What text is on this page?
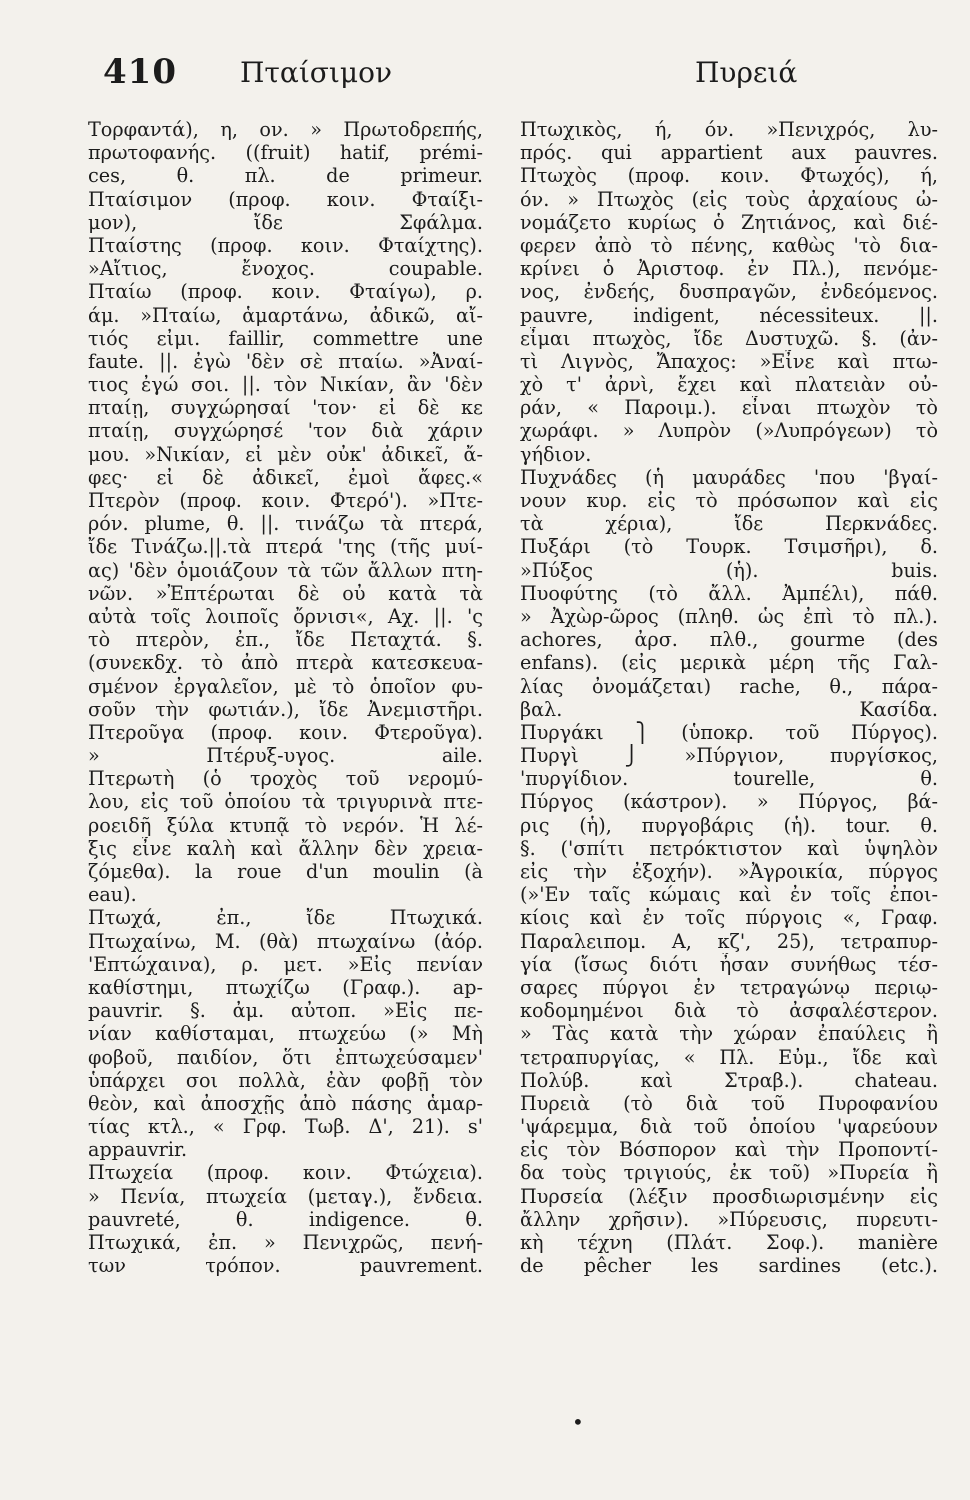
410 Πταίσιμον	Πυρειά
Τορφαντά), η, ον. » Πρωτοδρεπής,
πρωτοφανής. ((fruit) hatif, prémi-
ces, θ. πλ. de primeur.
Πταίσιμον (προφ. κοιν. Φταίξι-
μον), ἴδε Σφάλμα.
Πταίστης (προφ. κοιν. Φταίχτης).
»Αἴτιος, ἔνοχος. coupable.
Πταίω (προφ. κοιν. Φταίγω), ρ.
άμ. »Πταίω, ἁμαρτάνω, ἀδικῶ, αἴ-
τιός εἰμι. faillir, commettre une
faute. ||. ἐγὼ 'δὲν σὲ πταίω. »Ἀναί-
τιος ἐγώ σοι. ||. τὸν Νικίαν, ἂν 'δὲν
πταίῃ, συγχώρησαί 'τον· εἰ δὲ κε
πταίῃ, συγχώρησέ 'τον διὰ χάριν
μου. »Νικίαν, εἰ μὲν οὐκ' ἀδικεῖ, ἄ-
φες· εἰ δὲ ἀδικεῖ, ἐμοὶ ἄφες.«
Πτερὸν (προφ. κοιν. Φτερό'). »Πτε-
ρόν. plume, θ. ||. τινάζω τὰ πτερά,
ἴδε Τινάζω.||.τὰ πτερά 'της (τῆς μυί-
ας) 'δὲν ὁμοιάζουν τὰ τῶν ἄλλων πτη-
νῶν. »Ἐπτέρωται δὲ οὐ κατὰ τὰ
αὐτὰ τοῖς λοιποῖς ὄρνισι«, Αχ. ||. 'ς
τὸ πτερὸν, ἐπ., ἴδε Πεταχτά. §.
(συνεκδχ. τὸ ἀπὸ πτερὰ κατεσκευα-
σμένον ἐργαλεῖον, μὲ τὸ ὁποῖον φυ-
σοῦν τὴν φωτιάν.), ἴδε Ἀνεμιστῆρι.
Πτεροῦγα (προφ. κοιν. Φτεροῦγα).
» Πτέρυξ-υγος. aile.
Πτερωτὴ (ὁ τροχὸς τοῦ νερομύ-
λου, εἰς τοῦ ὁποίου τὰ τριγυρινὰ πτε-
ροειδῆ ξύλα κτυπᾷ τὸ νερόν. Ἡ λέ-
ξις εἶνε καλὴ καὶ ἄλλην δὲν χρεια-
ζόμεθα). la roue d'un moulin (à
eau).
Πτωχά, ἐπ., ἴδε Πτωχικά.
Πτωχαίνω, Μ. (θὰ) πτωχαίνω (ἀόρ.
'Επτώχαινα), ρ. μετ. »Εἰς πενίαν
καθίστημι, πτωχίζω (Γραφ.). ap-
pauvrir. §. ἀμ. αὐτοπ. »Εἰς πε-
νίαν καθίσταμαι, πτωχεύω (» Μὴ
φοβοῦ, παιδίον, ὅτι ἐπτωχεύσαμεν'
ὑπάρχει σοι πολλὰ, ἐὰν φοβῇ τὸν
θεὸν, καὶ ἀποσχῇς ἀπὸ πάσης ἁμαρ-
τίας κτλ., « Γρφ. Τωβ. Δ', 21). s'
appauvrir.
Πτωχεία (προφ. κοιν. Φτώχεια).
» Πενία, πτωχεία (μεταγ.), ἔνδεια.
pauvreté, θ. indigence. θ.
Πτωχικά, ἐπ. » Πενιχρῶς, πενή-
των τρόπον. pauvrement.
Πτωχικὸς, ή, όν. »Πενιχρός, λυ-
πρός. qui appartient aux pauvres.
Πτωχὸς (προφ. κοιν. Φτωχός), ή,
όν. » Πτωχὸς (εἰς τοὺς ἀρχαίους ὠ-
νομάζετο κυρίως ὁ Ζητιάνος, καὶ διέ-
φερεν ἀπὸ τὸ πένης, καθὼς 'τὸ δια-
κρίνει ὁ Ἀριστοφ. ἐν Πλ.), πενόμε-
νος, ἐνδεής, δυσπραγῶν, ἐνδεόμενος.
pauvre, indigent, nécessiteux. ||.
εἶμαι πτωχὸς, ἴδε Δυστυχῶ. §. (ἀν-
τὶ Λιγνὸς, Ἄπαχος: »Εἶνε καὶ πτω-
χὸ τ' ἀρνὶ, ἔχει καὶ πλατειὰν οὐ-
ράν, « Παροιμ.). εἶναι πτωχὸν τὸ
χωράφι. » Λυπρὸν (»Λυπρόγεων) τὸ
γήδιον.
Πυχνάδες (ἡ μαυράδες 'που 'βγαί-
νουν κυρ. εἰς τὸ πρόσωπον καὶ εἰς
τὰ χέρια), ἴδε Περκνάδες.
Πυξάρι (τὸ Τουρκ. Τσιμσῆρι), δ.
»Πύξος (ἡ). buis.
Πυοφύτης (τὸ ἄλλ. Ἀμπέλι), πάθ.
» Ἀχὼρ-ῶρος (πληθ. ὡς ἐπὶ τὸ πλ.).
achores, ἀρσ. πλθ., gourme (des
enfans). (εἰς μερικὰ μέρη τῆς Γαλ-
λίας ὀνομάζεται) rache, θ., πάρα-
βαλ. Κασίδα.
Πυργάκι ⎫ (ὑποκρ. τοῦ Πύργος).
Πυργὶ ⎭ »Πύργιον, πυργίσκος,
'πυργίδιον. tourelle, θ.
Πύργος (κάστρον). » Πύργος, βά-
ρις (ἡ), πυργοβάρις (ἡ). tour. θ.
§. ('σπίτι πετρόκτιστον καὶ ὑψηλὸν
εἰς τὴν ἐξοχήν). »Ἀγροικία, πύργος
(»'Εν ταῖς κώμαις καὶ ἐν τοῖς ἐποι-
κίοις καὶ ἐν τοῖς πύργοις «, Γραφ.
Παραλειπομ. Α, κζ', 25), τετραπυρ-
γία (ἴσως διότι ἦσαν συνήθως τέσ-
σαρες πύργοι ἐν τετραγώνῳ περιῳ-
κοδομημένοι διὰ τὸ ἀσφαλέστερον.
» Τὰς κατὰ τὴν χώραν ἐπαύλεις ἢ
τετραπυργίας, « Πλ. Εὐμ., ἴδε καὶ
Πολύβ. καὶ Στραβ.). chateau.
Πυρειὰ (τὸ διὰ τοῦ Πυροφανίου
'ψάρεμμα, διὰ τοῦ ὁποίου 'ψαρεύουν
εἰς τὸν Βόσπορον καὶ τὴν Προποντί-
δα τοὺς τριγιούς, ἐκ τοῦ) »Πυρεία ἢ
Πυρσεία (λέξιν προσδιωρισμένην εἰς
ἄλλην χρῆσιν). »Πύρευσις, πυρευτι-
κὴ τέχνη (Πλάτ. Σοφ.). manière
de pêcher les sardines (etc.).
•
